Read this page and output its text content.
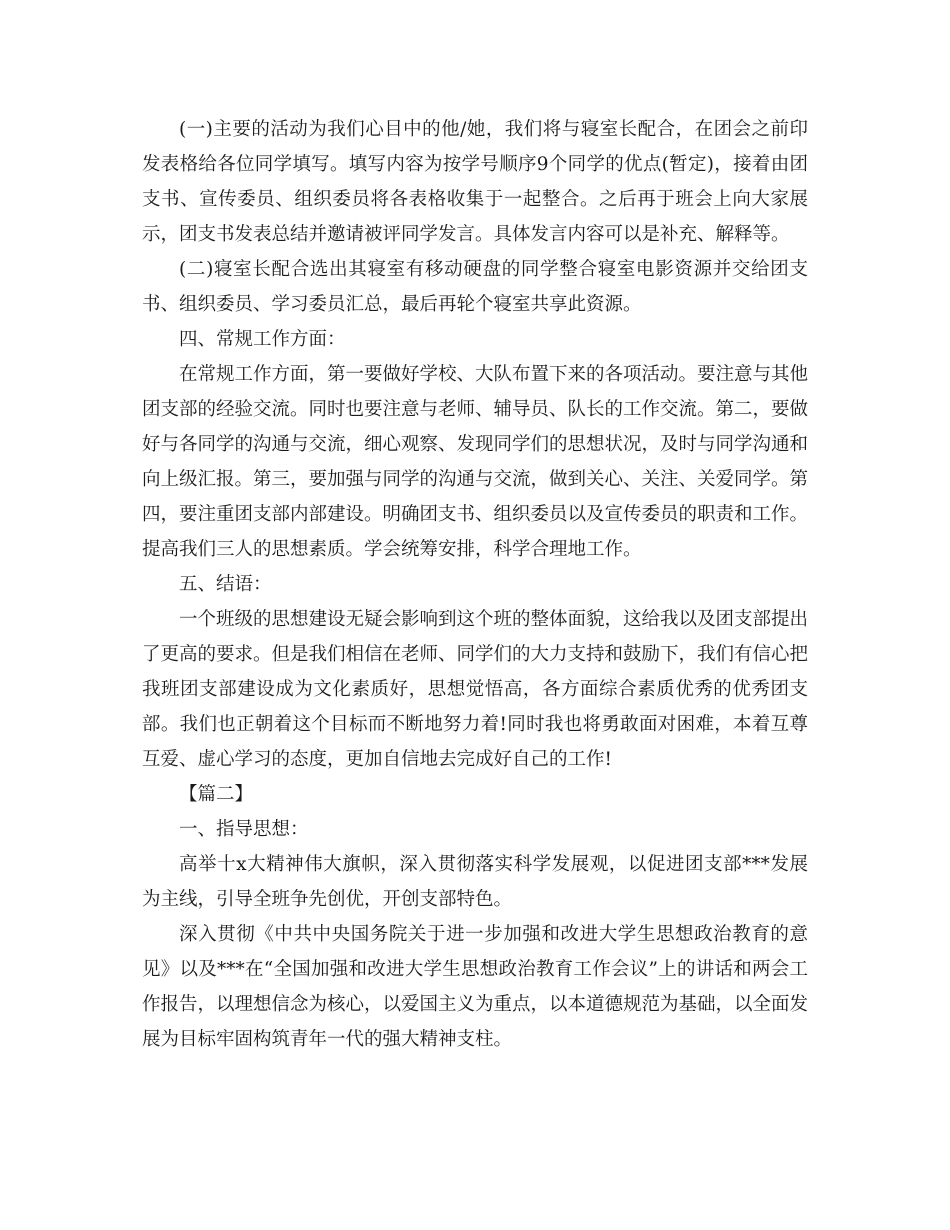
(一)主要的活动为我们心目中的他/她，我们将与寝室长配合，在团会之前印发表格给各位同学填写。填写内容为按学号顺序9个同学的优点(暂定)，接着由团支书、宣传委员、组织委员将各表格收集于一起整合。之后再于班会上向大家展示，团支书发表总结并邀请被评同学发言。具体发言内容可以是补充、解释等。

(二)寝室长配合选出其寝室有移动硬盘的同学整合寝室电影资源并交给团支书、组织委员、学习委员汇总，最后再轮个寝室共享此资源。

四、常规工作方面：

在常规工作方面，第一要做好学校、大队布置下来的各项活动。要注意与其他团支部的经验交流。同时也要注意与老师、辅导员、队长的工作交流。第二，要做好与各同学的沟通与交流，细心观察、发现同学们的思想状况，及时与同学沟通和向上级汇报。第三，要加强与同学的沟通与交流，做到关心、关注、关爱同学。第四，要注重团支部内部建设。明确团支书、组织委员以及宣传委员的职责和工作。提高我们三人的思想素质。学会统筹安排，科学合理地工作。

五、结语：

一个班级的思想建设无疑会影响到这个班的整体面貌，这给我以及团支部提出了更高的要求。但是我们相信在老师、同学们的大力支持和鼓励下，我们有信心把我班团支部建设成为文化素质好，思想觉悟高，各方面综合素质优秀的优秀团支部。我们也正朝着这个目标而不断地努力着!同时我也将勇敢面对困难，本着互尊互爱、虚心学习的态度，更加自信地去完成好自己的工作!

【篇二】

一、指导思想：

高举十x大精神伟大旗帜，深入贯彻落实科学发展观，以促进团支部***发展为主线，引导全班争先创优，开创支部特色。

深入贯彻《中共中央国务院关于进一步加强和改进大学生思想政治教育的意见》以及***在“全国加强和改进大学生思想政治教育工作会议”上的讲话和两会工作报告，以理想信念为核心，以爱国主义为重点，以本道德规范为基础，以全面发展为目标牢固构筑青年一代的强大精神支柱。
